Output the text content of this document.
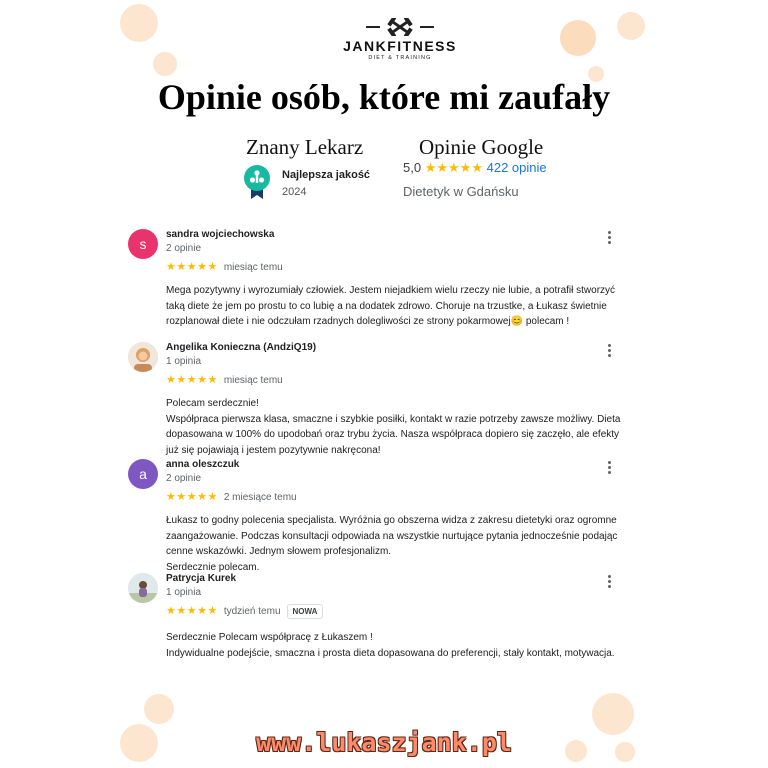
JANKFITNESS
DIET & TRAINING
Opinie osób, które mi zaufały
Znany Lekarz
Najlepsza jakość
2024
Opinie Google
5,0 ★★★★★ 422 opinie
Dietetyk w Gdańsku
s
sandra wojciechowska
2 opinie
★★★★★ miesiąc temu

Mega pozytywny i wyrozumiały człowiek. Jestem niejadkiem wielu rzeczy nie lubie, a potrafił stworzyć taką diete że jem po prostu to co lubię a na dodatek zdrowo. Choruje na trzustke, a Łukasz świetnie rozplanował diete i nie odczułam rzadnych dolegliwości ze strony pokarmowej😊 polecam !

Angelika Konieczna (AndziQ19)
1 opinia
★★★★★ miesiąc temu

Polecam serdecznie!

Współpraca pierwsza klasa, smaczne i szybkie posiłki, kontakt w razie potrzeby zawsze możliwy. Dieta dopasowana w 100% do upodobań oraz trybu życia. Nasza współpraca dopiero się zaczęło, ale efekty już się pojawiają i jestem pozytywnie nakręcona!

a
anna oleszczuk
2 opinie
★★★★★ 2 miesiące temu

Łukasz to godny polecenia specjalista. Wyróżnia go obszerna widza z zakresu dietetyki oraz ogromne zaangażowanie. Podczas konsultacji odpowiada na wszystkie nurtujące pytania jednocześnie podając cenne wskazówki. Jednym słowem profesjonalizm.

Serdecznie polecam.

Patrycja Kurek
1 opinia
★★★★★ tydzień temu NOWA

Serdecznie Polecam współpracę z Łukaszem !

Indywidualne podejście, smaczna i prosta dieta dopasowana do preferencji, stały kontakt, motywacja.

www.lukaszjank.pl
